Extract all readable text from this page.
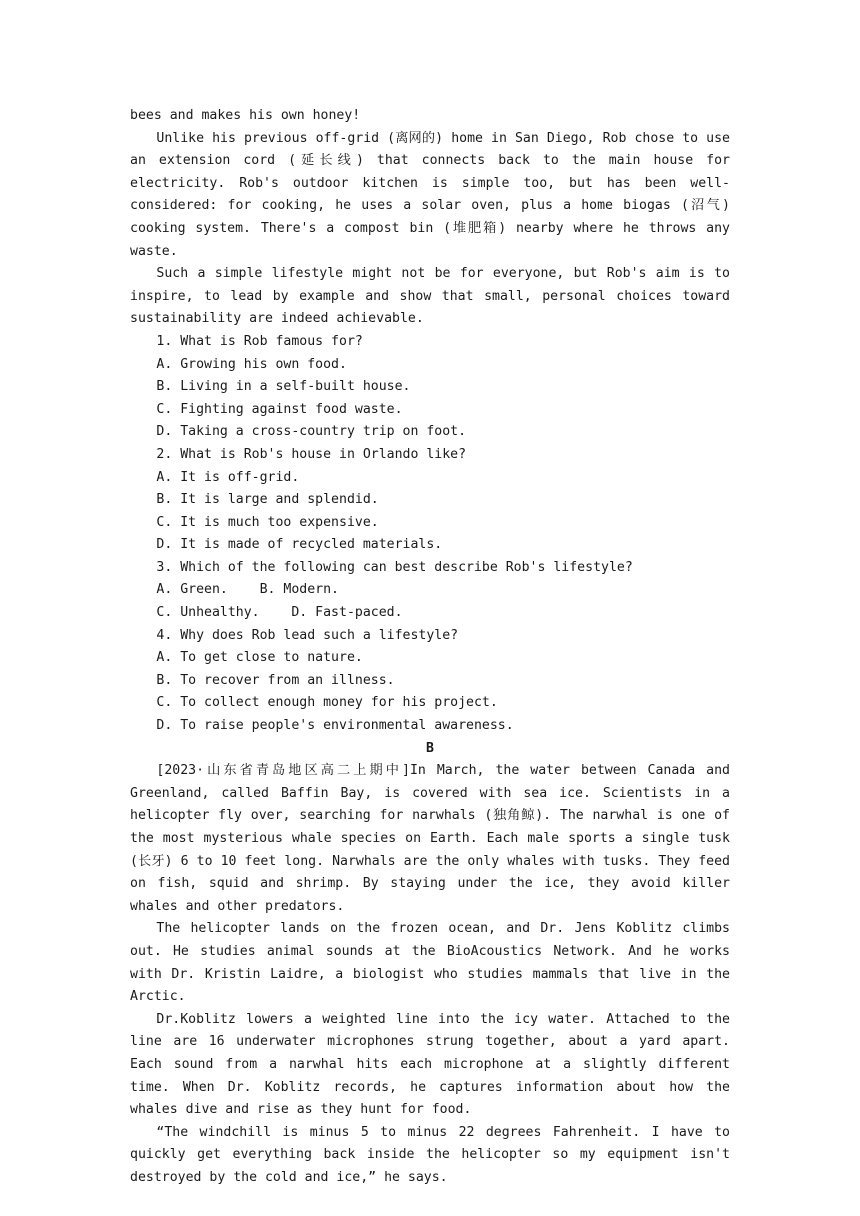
bees and makes his own honey!

Unlike his previous off-grid (离网的) home in San Diego, Rob chose to use an extension cord (延长线) that connects back to the main house for electricity. Rob's outdoor kitchen is simple too, but has been well-considered: for cooking, he uses a solar oven, plus a home biogas (沼气) cooking system. There's a compost bin (堆肥箱) nearby where he throws any waste.

Such a simple lifestyle might not be for everyone, but Rob's aim is to inspire, to lead by example and show that small, personal choices toward sustainability are indeed achievable.

1. What is Rob famous for?

A. Growing his own food.

B. Living in a self-built house.

C. Fighting against food waste.

D. Taking a cross-country trip on foot.

2. What is Rob's house in Orlando like?

A. It is off-grid.

B. It is large and splendid.

C. It is much too expensive.

D. It is made of recycled materials.

3. Which of the following can best describe Rob's lifestyle?

A. Green.    B. Modern.

C. Unhealthy.    D. Fast-paced.

4. Why does Rob lead such a lifestyle?

A. To get close to nature.

B. To recover from an illness.

C. To collect enough money for his project.

D. To raise people's environmental awareness.

B

[2023·山东省青岛地区高二上期中]In March, the water between Canada and Greenland, called Baffin Bay, is covered with sea ice. Scientists in a helicopter fly over, searching for narwhals (独角鲸). The narwhal is one of the most mysterious whale species on Earth. Each male sports a single tusk (长牙) 6 to 10 feet long. Narwhals are the only whales with tusks. They feed on fish, squid and shrimp. By staying under the ice, they avoid killer whales and other predators.

The helicopter lands on the frozen ocean, and Dr. Jens Koblitz climbs out. He studies animal sounds at the BioAcoustics Network. And he works with Dr. Kristin Laidre, a biologist who studies mammals that live in the Arctic.

Dr.Koblitz lowers a weighted line into the icy water. Attached to the line are 16 underwater microphones strung together, about a yard apart. Each sound from a narwhal hits each microphone at a slightly different time. When Dr. Koblitz records, he captures information about how the whales dive and rise as they hunt for food.

“The windchill is minus 5 to minus 22 degrees Fahrenheit. I have to quickly get everything back inside the helicopter so my equipment isn't destroyed by the cold and ice,” he says.
